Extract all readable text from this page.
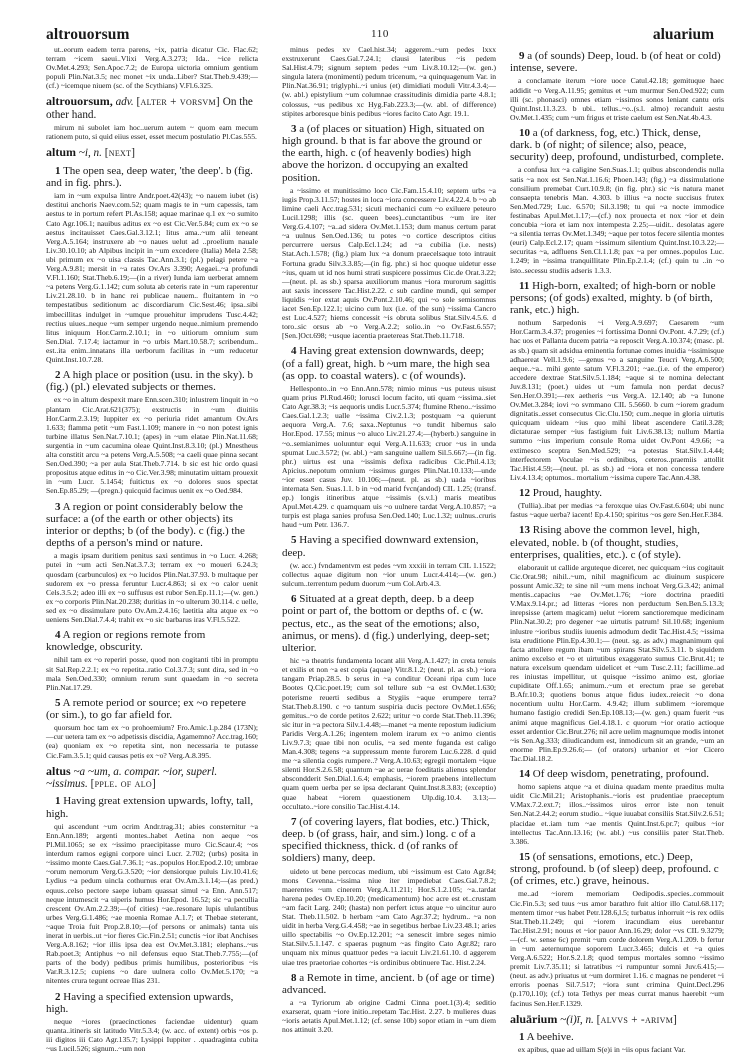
altrouorsum	110	aluarium
ut..eorum eadem terra parens, ~ix, patria dicatur Cic. Flac.62; terram ~icem saeui..Vlixi Verg.A.3.273; Ida.. ~ice relicta Ov.Met.4.293; Sen.Apoc.7.2; de Europa uictoria omnium gentium populi Plin.Nat.3.5; nec monet ~ix unda..Liber? Stat.Theb.9.439;—(cf.) ~icemque niuem (sc. of the Scythians) V.Fl.6.325.
altrouorsum, adv. [alter + vorsvm] On the other hand.
mirum ni subolet iam hoc..uerum autem ~ quom eam mecum rationem puto, si quid eiius esset, esset mecum postulatio Pl.Cas.555.
altum ~i, n. [next]
1 The open sea, deep water, 'the deep'. b (fig. and in fig. phrs.).
iam in ~um expulsa lintre Andr.poet.42(43); ~o nauem iubet (is) destitui anchoris Naev.com.52; quam magis te in ~um capessis, tam aestus te in portum refert Pl.As.158; aquae marinae q.1 ex ~o sumito Cato Agr.106.1; nauibus aditus ex ~o est Cic.Ver.5.84; cum ex ~o se aestus incitauisset Caes.Gal.3.12.1; litus ama..~um alii teneant Verg.A.5.164; instruxere ab ~o naues uelut ad ..proelium nauale Liv.30.10.10; ab Alpibus incipit in ~um excedere (Italia) Mela 2.58; ubi primum ex ~o uisa classis Tac.Ann.3.1; (pl.) pelagi petere ~a Verg.A.9.81; mersit in ~a rates Ov.Ars 3.390; Aegaei..~a profundi V.Fl.1.160; Stat.Theb.6.19;—(in a river) Iunda iam uerberat amnem ~a petens Verg.G.1.142; cum soluta ab ceteris rate in ~um raperentur Liv.21.28.10. b in hanc rei publicae nauem.. fluitantem in ~o tempestatibus seditionum ac discordiarum Cic.Sest.46; ipsa..sibi imbecillitas indulget in ~umque prouehitur imprudens Tusc.4.42; rectius uiues..neque ~um semper urgendo neque..nimium premendo litus iniquum Hor.Carm.2.10.1; in ~o uitiorum omnium sum Sen.Dial. 7.17.4; iactamur in ~o urbis Mart.10.58.7; scribendum.. est..ita enim..innatans illa uerborum facilitas in ~um reducetur Quint.Inst.10.7.28.
2 A high place or position (usu. in the sky). b (fig.) (pl.) elevated subjects or themes.
ex ~o in altum despexit mare Enn.scen.310; inlustrem linquit in ~o plantam Cic.Arat.621(375); exstructis in ~um diuitiis Hor.Carm.2.3.19; Iuppiter ex ~o periuria ridet amantum Ov.Ars 1.633; flamma petit ~um Fast.1.109; manere in ~o non potest ignis turbine illatus Sen.Nat.7.10.1; (apes) in ~um elatae Plin.Nat.11.68; surgentia in ~um cacumina oleae Quint.Inst.8.3.10; (pl.) Mnestheus alta constitit arcu ~a petens Verg.A.5.508; ~a caeli quae pinna secant Sen.Oed.390; ~a per aula Stat.Theb.7.714. b sic est hic ordo quasi propositus atque editus in ~o Cic.Ver.3.98; minutatim uittam prouexit in ~um Lucr. 5.1454; fuitictus ex ~o dolores suos spectat Sen.Ep.85.29; —(pregn.) quicquid facimus uenit ex ~o Oed.984.
3 A region or point considerably below the surface: a (of the earth or other objects) its interior or depths; b (of the body). c (fig.) the depths of a person's mind or nature.
a magis ipsam duritiem penitus saxi sentimus in ~o Lucr. 4.268; putei in ~um acti Sen.Nat.3.7.3; terram ex ~o moueri 6.24.3; quosdam (carbunculos) ex ~o lucidos Plin.Nat.37.93. b multaque per sudorem ex ~o pressa feruntur Lucr.4.863; si ex ~o calor uenit Cels.3.5.2; adeo illi ex ~o suffusus est rubor Sen.Ep.11.1;—(w. gen.) ex ~o corporis Plin.Nat.20.238; duritias in ~o ulterum 30.114. c uelle, sed ex ~o dissimulare puto Ov.Am.2.4.16; laetitia alta atque ex ~o ueniens Sen.Dial.7.4.4; trahit ex ~o sic barbarus iras V.Fl.5.522.
4 A region or regions remote from knowledge, obscurity.
nihil tam ex ~o reperiri posse, quod non cogitanti tibi in promptu sit Sal.Rep.2.2.1; ex ~o repetita..ratio Col.3.7.3; sunt dira, sed in ~o mala Sen.Oed.330; omnium rerum sunt quaedam in ~o secreta Plin.Nat.17.29.
5 A remote period or source; ex ~o repetere (or sim.), to go far afield for.
quorsum hoc tam ex ~o prohoemium? Fro.Amic.1.p.284 (173N);—cur uetera tam ex ~o adpetissis discidia, Agamemno? Acc.trag.160; (ea) quoniam ex ~o repetita sint, non necessaria te putasse Cic.Fam.3.5.1; quid causas petis ex ~o? Verg.A.8.395.
altus ~a ~um, a. compar. ~ior, superl. ~issimus. [pple. of alo]
1 Having great extension upwards, lofty, tall, high.
qui ascendunt ~um ocrim Andr.trag.31; abies consternitur ~a Enn.Ann.189; argenti montes..habet Aetina non aeque ~os Pl.Mil.1065; se ex ~issimo praecipitasse muro Cic.Scaur.4; ~os interdum ramos egigni corpore uinci Lucr. 2.702; (urbs) posita in ~issimo monte Caes.Gal.7.36.1; ~as..populos Hor.Epod.2.10; umbrae ~orum nemorum Verg.G.3.520; ~ior densiorque puluis Liv.10.41.6; Lydius ~a pedum uincla cothurnus erat Ov.Am.3.1.14;—(as pred.) equus..celso pectore saepe iubam quassat simul ~a Enn. Ann.517; neque intumescit ~a uiperis humus Hor.Epod. 16.52; sic ~a pecullia crescent Ov.Am.2.2.39;—(of cities) ~ae..resonare lupis ululantibus urbes Verg.G.1.486; ~ae moenia Romae A.1.7; et Thebae steterant, ~aque Troia fuit Prop.2.8.10;—(of persons or animals) tanta uis inerat in uerbis..ut ~ior fieres Cic.Fin.2.51; cunctis ~ior ibat Anchises Verg.A.8.162; ~ior illis ipsa dea est Ov.Met.3.181; elephans..~us Rab.poet.3; Antiphus ~o nil defensus equo Stat.Theb.7.755;—(of parts of the body) pedibus primis humilibus, posterioribus ~is Var.R.3.12.5; cupiens ~o dare uulnera collo Ov.Met.5.170; ~a nitentes crura tegunt ocreae Ilias 231.
2 Having a specified extension upwards, high.
neque ~iores (praecinctiones faciendae uidentur) quam quanta..itineris sit latitudo Vitr.5.3.4; (w. acc. of extent) orbis ~os p. iii digitos iii Cato Agr.135.7; Lysippi Iuppiter . .quadraginta cubita ~us Lucil.526; signum..~um non
minus pedes xv Cael.hist.34; aggerem..~um pedes lxxx exstruxerunt Caes.Gal.7.24.1; clausi lateribus ~is pedem Sal.Hist.4.79; signum septem pedes ~um Liv.8.10.12;—(w. gen.) singula latera (monimenti) pedum tricenum, ~a quinquagenum Var. in Plin.Nat.36.91; triglyphi..~i unius (et) dimidiati moduli Vitr.4.3.4;—(w. abl.) epistylium ~um columnae crassitudinis dimidia parte 4.8.1; colossus, ~us pedibus xc Hyg.Fab.223.3;—(w. abl. of difference) stipites arboresque binis pedibus ~iores facito Cato Agr. 19.1.
3 a (of places or situation) High, situated on high ground. b that is far above the ground or the earth, high. c (of heavenly bodies) high above the horizon. d occupying an exalted position.
a ~issimo et munitissimo loco Cic.Fam.15.4.10; septem urbs ~a iugis Prop.3.11.57; hostes in loca ~iora concessere Liv.4.22.4. b ~o ab limine caeli Acc.trag.531; sicuti mechanici cum ~o exiluere peteuro Lucil.1298; illis (sc. queen bees)..cunctantibus ~um ire iter Verg.G.4.107; ~a..ad sidera Ov.Met.1.153; dum manus certum parat ~a uulnus Sen.Oed.136; tu potes ~o cortice descriptos citius percurrere uersus Calp.Ecl.1.24; ad ~a cubilia (i.e. nests) Stat.Ach.1.578; (fig.) piam lux ~a donum praecelsaque toto intrauit Fortuna gradu Silv.3.3.85;—(in fig. phr.) si hoc quoque uidetur esse ~ius, quam ut id nos humi strati suspicere possimus Cic.de Orat.3.22;—(neut. pl. as sb.) sparsa auxiliorum manus ~iora murorum sagittis aut saxis incessere Tac.Hist.2.22. c sub cardine mundi, qui semper liquidis ~ior extat aquis Ov.Pont.2.10.46; qui ~o sole semisomnus iacet Sen.Ep.122.1; uicino cum lux (i.e. of the sun) ~issima Cancro est Luc.4.527; hiems concessit ~is obruta solibus Stat.Silv.4.5.6. d toro..sic orsus ab ~o Verg.A.2.2; solio..in ~o Ov.Fast.6.557; [Sen.]Oct.698; ~usque iacentia praetereas Stat.Theb.11.718.
4 Having great extension downwards, deep; (of a fall) great, high. b ~um mare, the high sea (as opp. to coastal waters). c (of wounds).
Hellesponto..in ~o Enn.Ann.578; nimio minus ~us puteus uisust quam prius Pl.Rud.460; lorusci locum facito, uti quam ~issima..siet Cato Agr.38.3; ~is aequoris undis Lucr.5.374; flumine Rheno..~issimo Caes.Gal.1.2.3; ualle ~issima Civ.2.1.3; postquam ~a quierunt aequora Verg.A. 7.6; saxa..Neptunus ~o tundit hibernus salo Hor.Epod. 17.55; minus ~o aluco Liv.21.27.4;—(hyberb.) sanguine in ~o..semianimes uoluuntur equi Verg.A.11.633; cruor ~us in unda spumat Luc.3.572; (w. abl.) ~am sanguine uallem Sil.5.667;—(in fig. phr.) uirtus est una ~issimis defixa radicibus Cic.Phil.4.13; Apicius..nepotum omnium ~issimus gurges Plin.Nat.10.133;—unde ~ior esset casus Juv. 10.106;—(neut. pl. as sb.) uada ~ioribus internata Sen. Suas.1.1. b in ~od marid fvcn(andod) CIL 1.25; (transf. ep.) longis itineribus atque ~issimis (s.v.l.) maris meatibus Apul.Met.4.29. c quamquam uis ~o uulnere tardat Verg.A.10.857; ~a turpis est plaga sanies profusa Sen.Oed.140; Luc.1.32; uulnus..cruris haud ~um Petr. 136.7.
5 Having a specified downward extension, deep.
(w. acc.) fvndamentvm est pedes ~vm xxxiii in terram CIL 1.1522; collectus aquae digitum non ~ior unum Lucr.4.414;—(w. gen.) sulcum..terrentum pedum duorum ~um Col.Arb.4.3.
6 Situated at a great depth, deep. b a deep point or part of, the bottom or depths of. c (w. pectus, etc., as the seat of the emotions; also, animus, or mens). d (fig.) underlying, deep-set; ulterior.
hic ~a theatris fundamenta locant alii Verg.A.1.427; in creta tenuis et exilis et non ~a est copia (aquae) Vitr.8.1.2; (neut. pl. as sb.) ~iora tangam Priap.28.5. b serus in ~a conditur Oceani ripa cum luce Bootes Q.Cic.poet.19; cum sol tellure sub ~a est Ov.Met.1.630; poterisme reuerti sedibus a Stygiis ~aque erumpere terra? Stat.Theb.8.190. c ~o tantum suspiria ducis pectore Ov.Met.1.656; gemitus..~o de corde petitos 2.622; uritur ~o corde Stat.Theb.11.396; sic itur in ~a pectora Silv.1.4.48;—manet ~a mente repostum iudicium Paridis Verg.A.1.26; ingentem molem irarum ex ~o animo cientis Liv.9.7.3; quae tibi non oculis, ~a sed mente fuganda est caligo Man.4.308; tegens ~a suppressum mente furorem Luc.6.228. d quid me ~a silentia cogis rumpere..? Verg.A.10.63; egregii mortalem ~ique silenti Hor.S.2.6.58; quantum ~ae ac uerae foeditatis alienus splendor abscondderit Sen.Dial.1.6.4; emphasis, ~iorem praebens intellectum quam quem uerba per se ipsa declarant Quint.Inst.8.3.83; (exceptio) quae habeat ~iorem quaestionem Ulp.dig.10.4. 3.13;—occultato..~iore consilio Tac.Hist.4.14.
7 (of covering layers, flat bodies, etc.) Thick, deep. b (of grass, hair, and sim.) long. c of a specified thickness, thick. d (of ranks of soldiers) many, deep.
uideto ut bene percocas medium, ubi ~issimum est Cato Agr.84; mons Cevenna..~issima niue iter impediebat Caes.Gal.7.8.2; maerentes ~um cinerem Verg.A.11.211; Hor.S.1.2.105; ~a..tardat harena pedes Ov.Ep.10.20; (medicamentum) hoc acre est et..crustam ~am facit Larg. 240; (hasta) non perfert ictus atque ~o uincitur auro Stat. Theb.11.502. b herbam ~am Cato Agr.37.2; hydrum.. ~a non uidit in herba Verg.G.4.458; ~ae in segetibus herbae Liv.23.48.1; aries uillo spectabilis ~o Ov.Ep.12.201; ~a senescit imbre seges nimio Stat.Silv.5.1.147. c spaeras pugnum ~as fingito Cato Agr.82; raro unquam nix minus quattuor pedes ~a iacuit Liv.21.61.10. d aggerem uiae tres praetoriae cohortes ~is ordinibus obtinuere Tac. Hist.2.24.
8 a Remote in time, ancient. b (of age or time) advanced.
a ~a Tyriorum ab origine Cadmi Cinna poet.1(3).4; seditio exarserat, quam ~iore initio..repetam Tac.Hist. 2.27. b mulieres duas ~ioris aetatis Apul.Met.1.12; (cf. sense 10b) sopor etiam in ~um diem nos attinuit 3.20.
9 a (of sounds) Deep, loud. b (of heat or cold) intense, severe.
a conclamate iterum ~iore uoce Catul.42.18; gemituque haec addidit ~o Verg.A.11.95; gemitus et ~um murmur Sen.Oed.922; cum illi (sc. phonasci) omnes etiam ~issimos sonos leniant cantu oris Quint.Inst.11.3.23. b ubi.. tellus..~o..(s.l. almo) recanduit aestu Ov.Met.1.435; cum ~um frigus et triste caelum est Sen.Nat.4b.4.3.
10 a (of darkness, fog, etc.) Thick, dense, dark. b (of night; of silence; also, peace, security) deep, profound, undisturbed, complete.
a confusa lux ~a caligine Sen.Suas.1.1; quibus abscondendis nulla satis ~a nox est Sen.Nat.1.16.6; Phoen.143; (fig.) ~a dissimulatione consilium premebat Curt.10.9.8; (in fig. phr.) sic ~is natura manet consaepta tenebris Man. 4.303. b illius ~a nocte succisus frutex Sen.Med.729; Luc. 6.570; Sil.3.198; tu qui ~a nocte immodice festinabas Apul.Met.1.17;—(cf.) nox prouecta et nox ~ior et dein concubia ~iora et iam nox intempesta 2.25;—uidit.. desolatas agere ~a silentia terras Ov.Met.1.349; ~aque per totos fecere silentia montes (euri) Calp.Ecl.2.17; quam ~issimum silentium Quint.Inst.10.3.22;—securitas ~a, adfluens Sen.Cl.1.1.8; pax ~a per omnes..populos Luc. 1.249; in ~issima tranquillitate Plin.Ep.2.1.4; (cf.) quin tu ..in ~o isto..secessu studiis adseris 1.3.3.
11 High-born, exalted; of high-born or noble persons; (of gods) exalted, mighty. b (of birth, rank, etc.) high.
nothum Sarpedonis ~i Verg.A.9.697; Caesarem ~um Hor.Carm.3.4.37; progenies ~i fortissima Donni Ov.Pont. 4.7.29; (cf.) hac uos et Pallanta ducem patria ~a reposcit Verg.A.10.374; (masc. pl. as sb.) quam sit adsidua eminentia fortunae comes inuidia ~issimisque adhaereat Vell.1.9.6; —genus ~o a sanguine Teucri Verg.A.6.500; aeque..~a.. mihi gente satum V.Fl.3.201; ~ae..(i.e. of the emperor) accedere dextrae Stat.Silv.5.1.184; ~aque si te nomina delectant Juv.8.131; (poet.) uides ut ~um famula non perdat decus? Sen.Her.O.391;—rex aetheris ~us Verg.A. 12.140; ab ~a Iunone Ov.Met.3.284; iovi ~o svmmano CIL 5.5660. b cum ~iorem gradum dignitatis..esset consecutus Cic.Clu.150; cum..neque in gloria uirtutis quicquam uideam ~ius quo mihi libeat ascendere Catil.3.28; dictaturae semper ~ius fastigium fuit Liv.6.38.13; nullum Martia summo ~ius imperium consule Roma uidet Ov.Pont 4.9.66; ~a extimesco sceptra Sen.Med.529; ~a potestas Stat.Silv.1.4.44; interfectorem Voculae ~is ordinibus, ceteros..praemiis attollit Tac.Hist.4.59;—(neut. pl. as sb.) ad ~iora et non concessa tendere Liv.4.13.4; optumos.. mortalium ~issima cupere Tac.Ann.4.38.
12 Proud, haughty.
(Tullia)..ibat per medias ~a feroxque uias Ov.Fast.6.604; ubi nunc fastus ~aque uerba? iacent! Ep.4.150; spiritus ~os gere Sen.Her.F.384.
13 Rising above the common level, high, elevated, noble. b (of thought, studies, enterprises, qualities, etc.). c (of style).
elaborauit ut callide arguteque diceret, nec quicquam ~ius cogitauit Cic.Orat.98; nihil..~um, nihil magnificum ac diuinum suspicere possunt Amic.32; te sine nil ~um mens inchoat Verg.G.3.42; animal mentis..capacius ~ae Ov.Met.1.76; ~iore doctrina praediti V.Max.9.14.pr.; ad litteras ~iores non perductum Sen.Ben.5.13.3; inrepsisse (artem magicam) uelut ~iorem sanctioremque medicinam Plin.Nat.30.2; pro degener ~ae uirtutis patrum! Sil.10.68; ingenium inlustre ~ioribus studiis iuuenis admodum dedit Tac.Hist.4.5; ~issima ista eruditione Plin.Ep.4.30.1;— (neut. sg. as adv.) magnanimum qui facta attollere regum ibam ~um spirans Stat.Silv.5.3.11. b siquidem animo excelso et ~o et uirtutibus exaggerato sumus Cic.Brut.41; te natura excelsum quendam uidelicet et ~um Tusc.2.11; facillime..ad res iniustas impellitur, ut quisque ~issimo animo est, gloriae cupiditate Off.1.65; animum..~um et erectum prae se gerebat B.Afr.10.3; quotiens bonus atque fidus iudex..reiecit ~o dona nocentium uultu Hor.Carm. 4.9.42; illum sublimem ~ioremque humano fastigio credidi Sen.Ep.108.13;—(w. gen.) quam fuerit ~us animi atque magnificus Gel.4.18.1. c quorum ~ior oratio actioque esset ardentior Cic.Brut.276; nil acre uelim magnumque modis intonet ~is Sen.Ag.333; diiudicandum est, inmodicum sit an grande, ~um an enorme Plin.Ep.9.26.6;— (of orators) urbanior et ~ior Cicero Tac.Dial.18.2.
14 Of deep wisdom, penetrating, profound.
homo sapiens atque ~a et diuina quadam mente praeditus multa uidit Cic.Mil.21; Aristophanis..~ioris est prudentiae praeceptum V.Max.7.2.ext.7; illos..~issimos uiros error iste non tenuit Sen.Nat.2.44.2; eorum studio.. ~ique iuuabat consiliis Stat.Silv.2.6.51; placidae et..iam tum ~ae mentis Quint.Inst.6.pr.7; quibus ~ior intellectus Tac.Ann.13.16; (w. abl.) ~us consiliis pater Stat.Theb. 3.386.
15 (of sensations, emotions, etc.) Deep, strong, profound. b (of sleep) deep, profound. c (of crimes, etc.) grave, heinous.
me..ad ~iorem memoriam Oedipodis..species..commouit Cic.Fin.5.3; sed tuus ~us amor barathro fuit altior illo Catul.68.117; mentem timor ~us habet Petr.128.6,l.5; turbatus inhorruit ~is rex odiis Stat.Theb.11.249; qui ~iorem iracundiam eius uerebantur Tac.Hist.2.91; nouus et ~ior pauor Ann.16.29; dolor ~vs CIL 9.3279;—(cf. w. sense 6c) premit ~um corde dolorem Verg.A.1.209. b fertur in ~um aeternumque soporem Lucr.3.465; dulcis et ~a quies Verg.A.6.522; Hor.S.2.1.8; quod tempus mortales somno ~issimo premit Liv.7.35.11; si latratibus ~i rumpuntur somni Juv.6.415;—(neut. as adv.) priuatus ut ~um dormiret 1.16. c magnas ne penderet ~i erroris poenas Sil.7.517; ~iora sunt crimina Quint.Decl.296 (p.170,l.10); (cf.) tota Tethys per meas currat manus haerebit ~um facinus Sen.Her.F.1329.
aluārium ~(i)ī, n. [alvvs + -arivm]
1 A beehive.
ex apibus, quae ad uillam S(e)i in ~iis opus faciant Var.
